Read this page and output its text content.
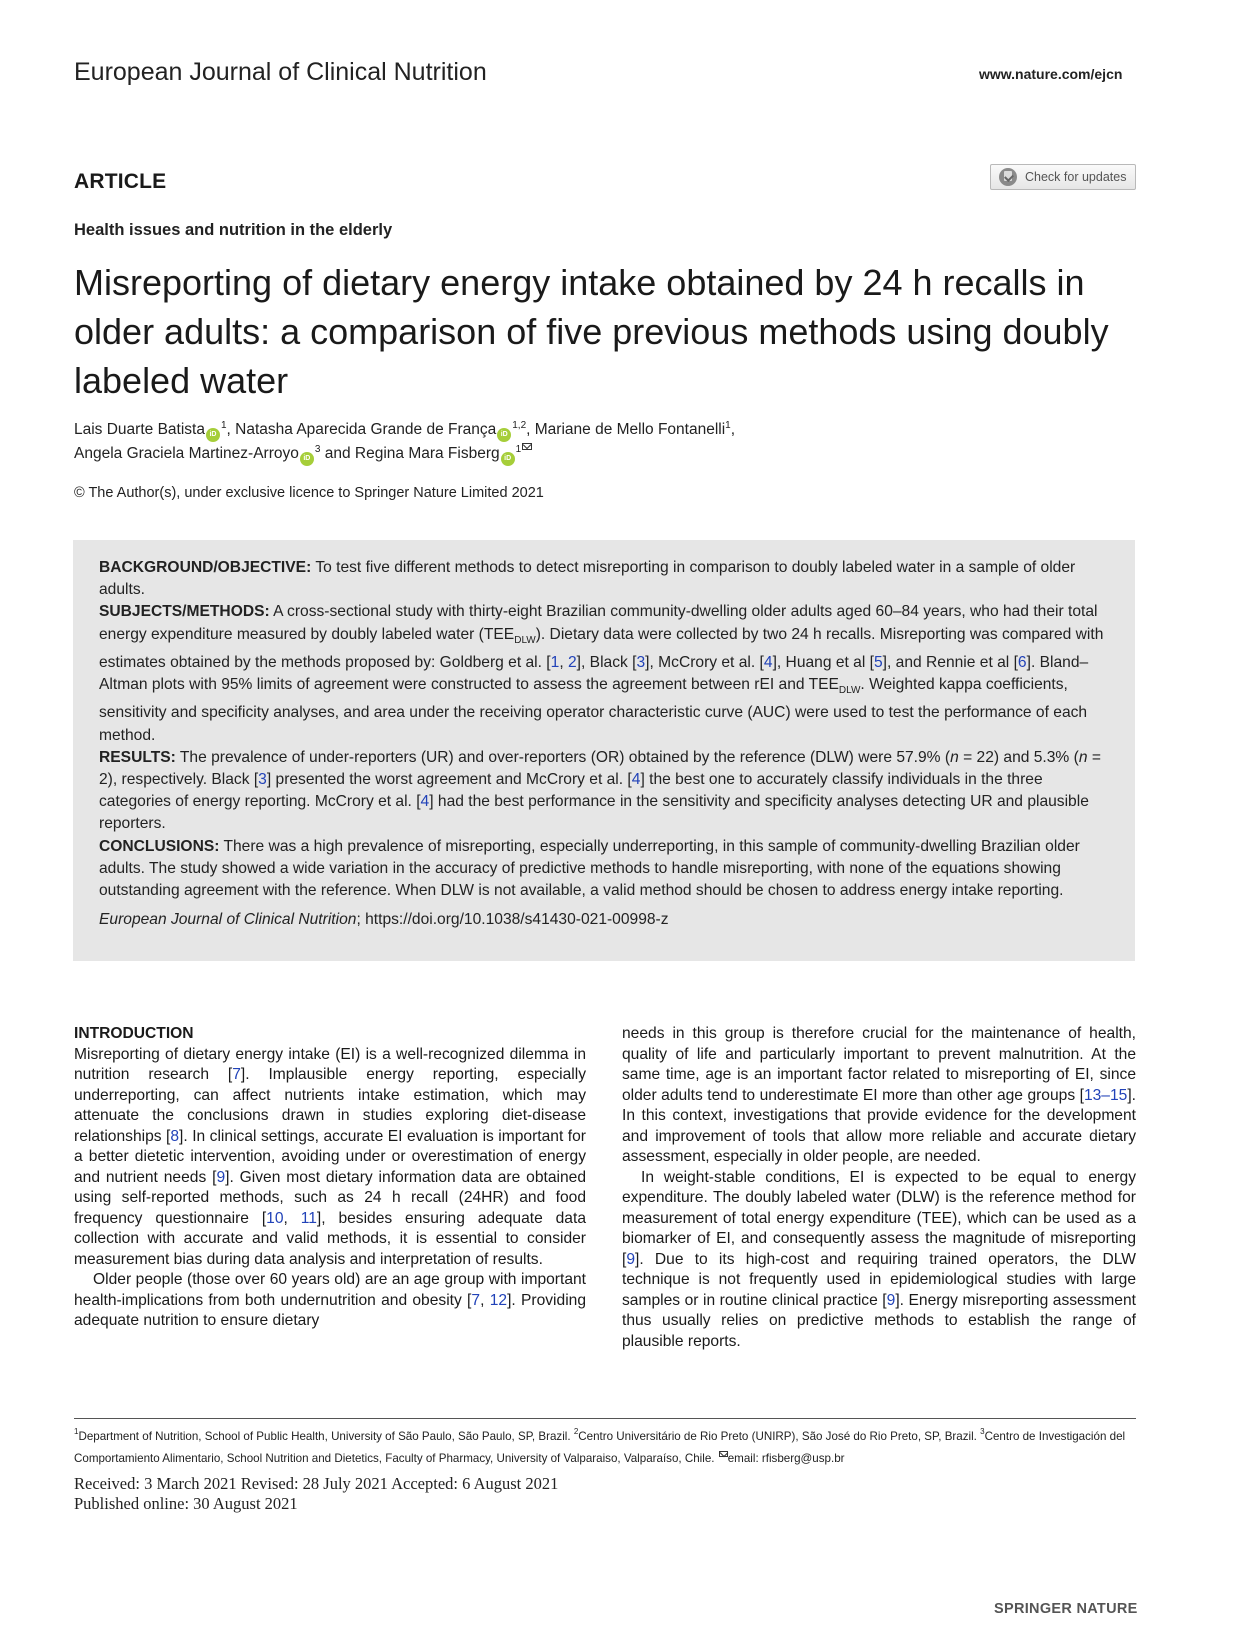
European Journal of Clinical Nutrition	www.nature.com/ejcn
ARTICLE	Check for updates
Health issues and nutrition in the elderly
Misreporting of dietary energy intake obtained by 24 h recalls in older adults: a comparison of five previous methods using doubly labeled water
Lais Duarte Batista $iD^1$, Natasha Aparecida Grande de França iD$^{1,2}$, Mariane de Mello Fontanelli$^1$,
Angela Graciela Martinez-Arroyo $iD^3$ and Regina Mara Fisberg $iD^1$
© The Author(s), under exclusive licence to Springer Nature Limited 2021

BACKGROUND/OBJECTIVE: To test five different methods to detect misreporting in comparison to doubly labeled water in a sample of older adults.

SUBJECTS/METHODS: A cross-sectional study with thirty-eight Brazilian community-dwelling older adults aged 60–84 years, who had their total energy expenditure measured by doubly labeled water $(TEE_{DLW})$. Dietary data were collected by two 24 h recalls. Misreporting was compared with estimates obtained by the methods proposed by: Goldberg et al. [1, 2], Black [3], McCrory et al. [4], Huang et al [5], and Rennie et al [6]. Bland–Altman plots with 95% limits of agreement were constructed to assess the agreement between rEI and $TEE_{DLW}$. Weighted kappa coefficients, sensitivity and specificity analyses, and area under the receiving operator characteristic curve (AUC) were used to test the performance of each method.

RESULTS: The prevalence of under-reporters (UR) and over-reporters (OR) obtained by the reference (DLW) were 57.9% (n = 22) and 5.3% (n = 2), respectively. Black [3] presented the worst agreement and McCrory et al. [4] the best one to accurately classify individuals in the three categories of energy reporting. McCrory et al. [4] had the best performance in the sensitivity and specificity analyses detecting UR and plausible reporters.

CONCLUSIONS: There was a high prevalence of misreporting, especially underreporting, in this sample of community-dwelling Brazilian older adults. The study showed a wide variation in the accuracy of predictive methods to handle misreporting, with none of the equations showing outstanding agreement with the reference. When DLW is not available, a valid method should be chosen to address energy intake reporting.

European Journal of Clinical Nutrition; https://doi.org/10.1038/s41430-021-00998-z

INTRODUCTION

Misreporting of dietary energy intake (EI) is a well-recognized dilemma in nutrition research [7]. Implausible energy reporting, especially underreporting, can affect nutrients intake estimation, which may attenuate the conclusions drawn in studies exploring diet-disease relationships [8]. In clinical settings, accurate EI evaluation is important for a better dietetic intervention, avoiding under or overestimation of energy and nutrient needs [9]. Given most dietary information data are obtained using self-reported methods, such as 24 h recall (24HR) and food frequency questionnaire [10, 11], besides ensuring adequate data collection with accurate and valid methods, it is essential to consider measurement bias during data analysis and interpretation of results.

Older people (those over 60 years old) are an age group with important health-implications from both undernutrition and obesity [7, 12]. Providing adequate nutrition to ensure dietary

needs in this group is therefore crucial for the maintenance of health, quality of life and particularly important to prevent malnutrition. At the same time, age is an important factor related to misreporting of EI, since older adults tend to underestimate EI more than other age groups [13–15]. In this context, investigations that provide evidence for the development and improvement of tools that allow more reliable and accurate dietary assessment, especially in older people, are needed.

In weight-stable conditions, EI is expected to be equal to energy expenditure. The doubly labeled water (DLW) is the reference method for measurement of total energy expenditure (TEE), which can be used as a biomarker of EI, and consequently assess the magnitude of misreporting [9]. Due to its high-cost and requiring trained operators, the DLW technique is not frequently used in epidemiological studies with large samples or in routine clinical practice [9]. Energy misreporting assessment thus usually relies on predictive methods to establish the range of plausible reports.

$^1$Department of Nutrition, School of Public Health, University of São Paulo, São Paulo, SP, Brazil. $^2$Centro Universitário de Rio Preto (UNIRP), São José do Rio Preto, SP, Brazil. $^3$Centro de Investigación del Comportamiento Alimentario, School Nutrition and Dietetics, Faculty of Pharmacy, University of Valparaiso, Valparaíso, Chile. email: rfisberg@usp.br
Received: 3 March 2021 Revised: 28 July 2021 Accepted: 6 August 2021
Published online: 30 August 2021
SPRINGER NATURE
